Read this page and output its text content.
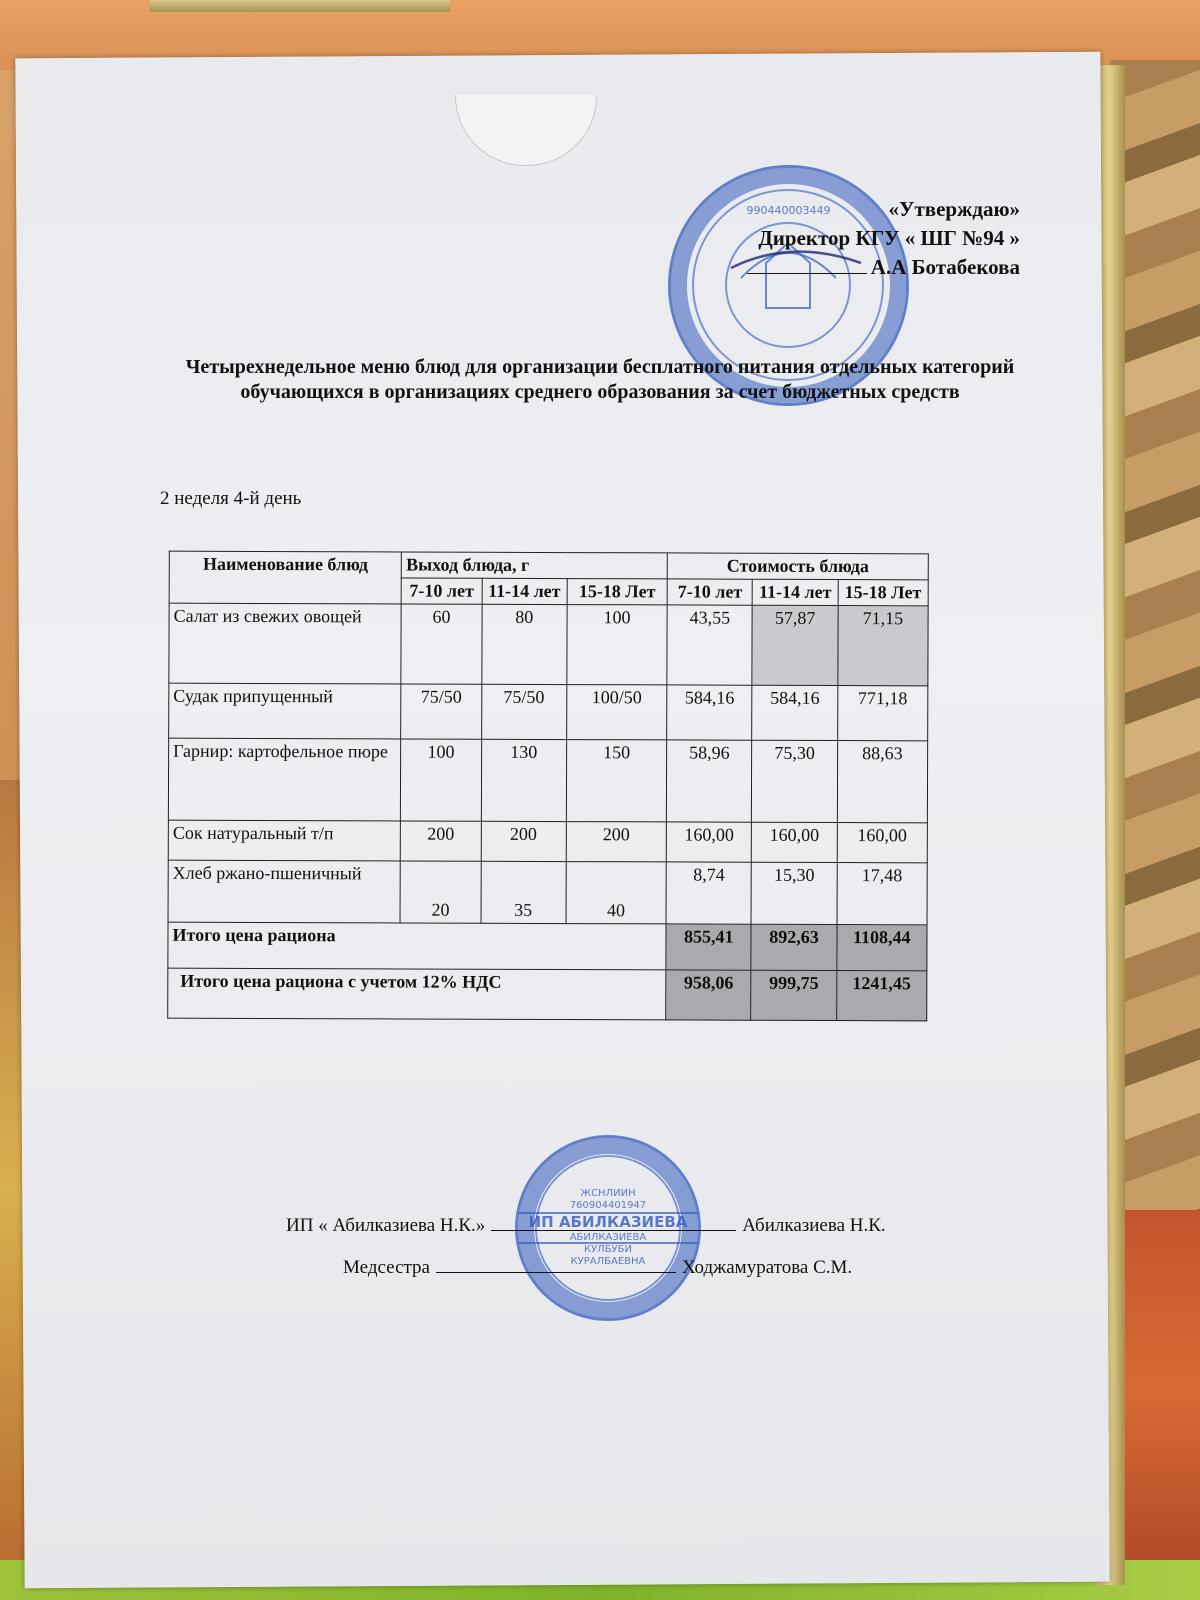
990440003449	«Утверждаю»
Директор КГУ « ШГ №94 »
А.А Ботабекова
Четырехнедельное меню блюд для организации бесплатного питания отдельных категорий обучающихся в организациях среднего образования за счет бюджетных средств
2 неделя 4-й день
Наименование блюд	Выход блюда, г			Стоимость блюда		
	7-10 лет	11-14 лет	15-18 Лет	7-10 лет	11-14 лет	15-18 Лет
Салат из свежих овощей	60	80	100	43,55	57,87	71,15
Судак припущенный	75/50	75/50	100/50	584,16	584,16	771,18
Гарнир: картофельное пюре	100	130	150	58,96	75,30	88,63
Сок натуральный т/п	200	200	200	160,00	160,00	160,00
Хлеб ржано-пшеничный	20	35	40	8,74	15,30	17,48
Итого цена рациона				855,41	892,63	1108,44
Итого цена рациона с учетом 12% НДС				958,06	999,75	1241,45
ЖСНЛИИН
760904401947
ИП АБИЛКАЗИЕВА
АБИЛКАЗИЕВА
КУЛБУБИ
КУРАЛБАЕВНА
ИП « Абилказиева Н.К.»	Абилказиева Н.К.
Медсестра	Ходжамуратова С.М.
